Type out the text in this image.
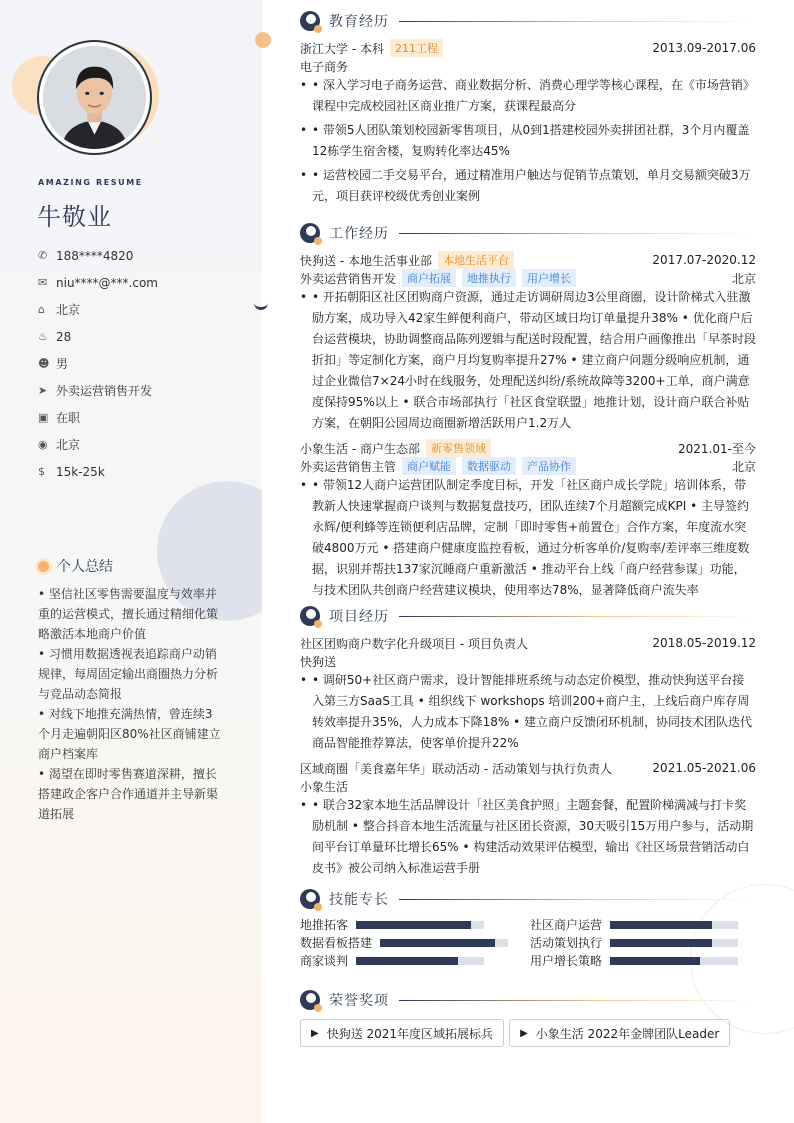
AMAZING RESUME
牛敬业
✆ 188****4820
✉ niu****@***.com
⌂ 北京
♨ 28
☻ 男
➤ 外卖运营销售开发
▣ 在职
◉ 北京
$ 15k-25k
个人总结
• 坚信社区零售需要温度与效率并重的运营模式，擅长通过精细化策略激活本地商户价值
• 习惯用数据透视表追踪商户动销规律，每周固定输出商圈热力分析与竞品动态简报
• 对线下地推充满热情，曾连续3个月走遍朝阳区80%社区商铺建立商户档案库
• 渴望在即时零售赛道深耕，擅长搭建政企客户合作通道并主导新渠道拓展
教育经历
浙江大学 - 本科	211工程	2013.09-2017.06
电子商务
• • 深入学习电子商务运营、商业数据分析、消费心理学等核心课程，在《市场营销》课程中完成校园社区商业推广方案，获课程最高分
• • 带领5人团队策划校园新零售项目，从0到1搭建校园外卖拼团社群，3个月内覆盖12栋学生宿舍楼，复购转化率达45%
• • 运营校园二手交易平台，通过精准用户触达与促销节点策划，单月交易额突破3万元，项目获评校级优秀创业案例
工作经历
快狗送 - 本地生活事业部	本地生活平台	2017.07-2020.12
外卖运营销售开发	商户拓展	地推执行	用户增长	北京
• • 开拓朝阳区社区团购商户资源，通过走访调研周边3公里商圈，设计阶梯式入驻激励方案，成功导入42家生鲜便利商户，带动区域日均订单量提升38% • 优化商户后台运营模块，协助调整商品陈列逻辑与配送时段配置，结合用户画像推出「早茶时段折扣」等定制化方案，商户月均复购率提升27% • 建立商户问题分级响应机制，通过企业微信7×24小时在线服务，处理配送纠纷/系统故障等3200+工单，商户满意度保持95%以上 • 联合市场部执行「社区食堂联盟」地推计划，设计商户联合补贴方案，在朝阳公园周边商圈新增活跃用户1.2万人
小象生活 - 商户生态部	新零售领域	2021.01-至今
外卖运营销售主管	商户赋能	数据驱动	产品协作	北京
• • 带领12人商户运营团队制定季度目标，开发「社区商户成长学院」培训体系，带教新人快速掌握商户谈判与数据复盘技巧，团队连续7个月超额完成KPI • 主导签约永辉/便利蜂等连锁便利店品牌，定制「即时零售+前置仓」合作方案，年度流水突破4800万元 • 搭建商户健康度监控看板，通过分析客单价/复购率/差评率三维度数据，识别并帮扶137家沉睡商户重新激活 • 推动平台上线「商户经营参谋」功能，与技术团队共创商户经营建议模块，使用率达78%，显著降低商户流失率
项目经历
社区团购商户数字化升级项目 - 项目负责人	2018.05-2019.12
快狗送
• • 调研50+社区商户需求，设计智能排班系统与动态定价模型，推动快狗送平台接入第三方SaaS工具 • 组织线下 workshops 培训200+商户主，上线后商户库存周转效率提升35%，人力成本下降18% • 建立商户反馈闭环机制，协同技术团队迭代商品智能推荐算法，使客单价提升22%
区域商圈「美食嘉年华」联动活动 - 活动策划与执行负责人	2021.05-2021.06
小象生活
• • 联合32家本地生活品牌设计「社区美食护照」主题套餐，配置阶梯满减与打卡奖励机制 • 整合抖音本地生活流量与社区团长资源，30天吸引15万用户参与，活动期间平台订单量环比增长65% • 构建活动效果评估模型，输出《社区场景营销活动白皮书》被公司纳入标准运营手册
技能专长
地推拓客	社区商户运营
数据看板搭建	活动策划执行
商家谈判	用户增长策略
荣誉奖项
▶ 快狗送 2021年度区域拓展标兵	▶ 小象生活 2022年金牌团队Leader
